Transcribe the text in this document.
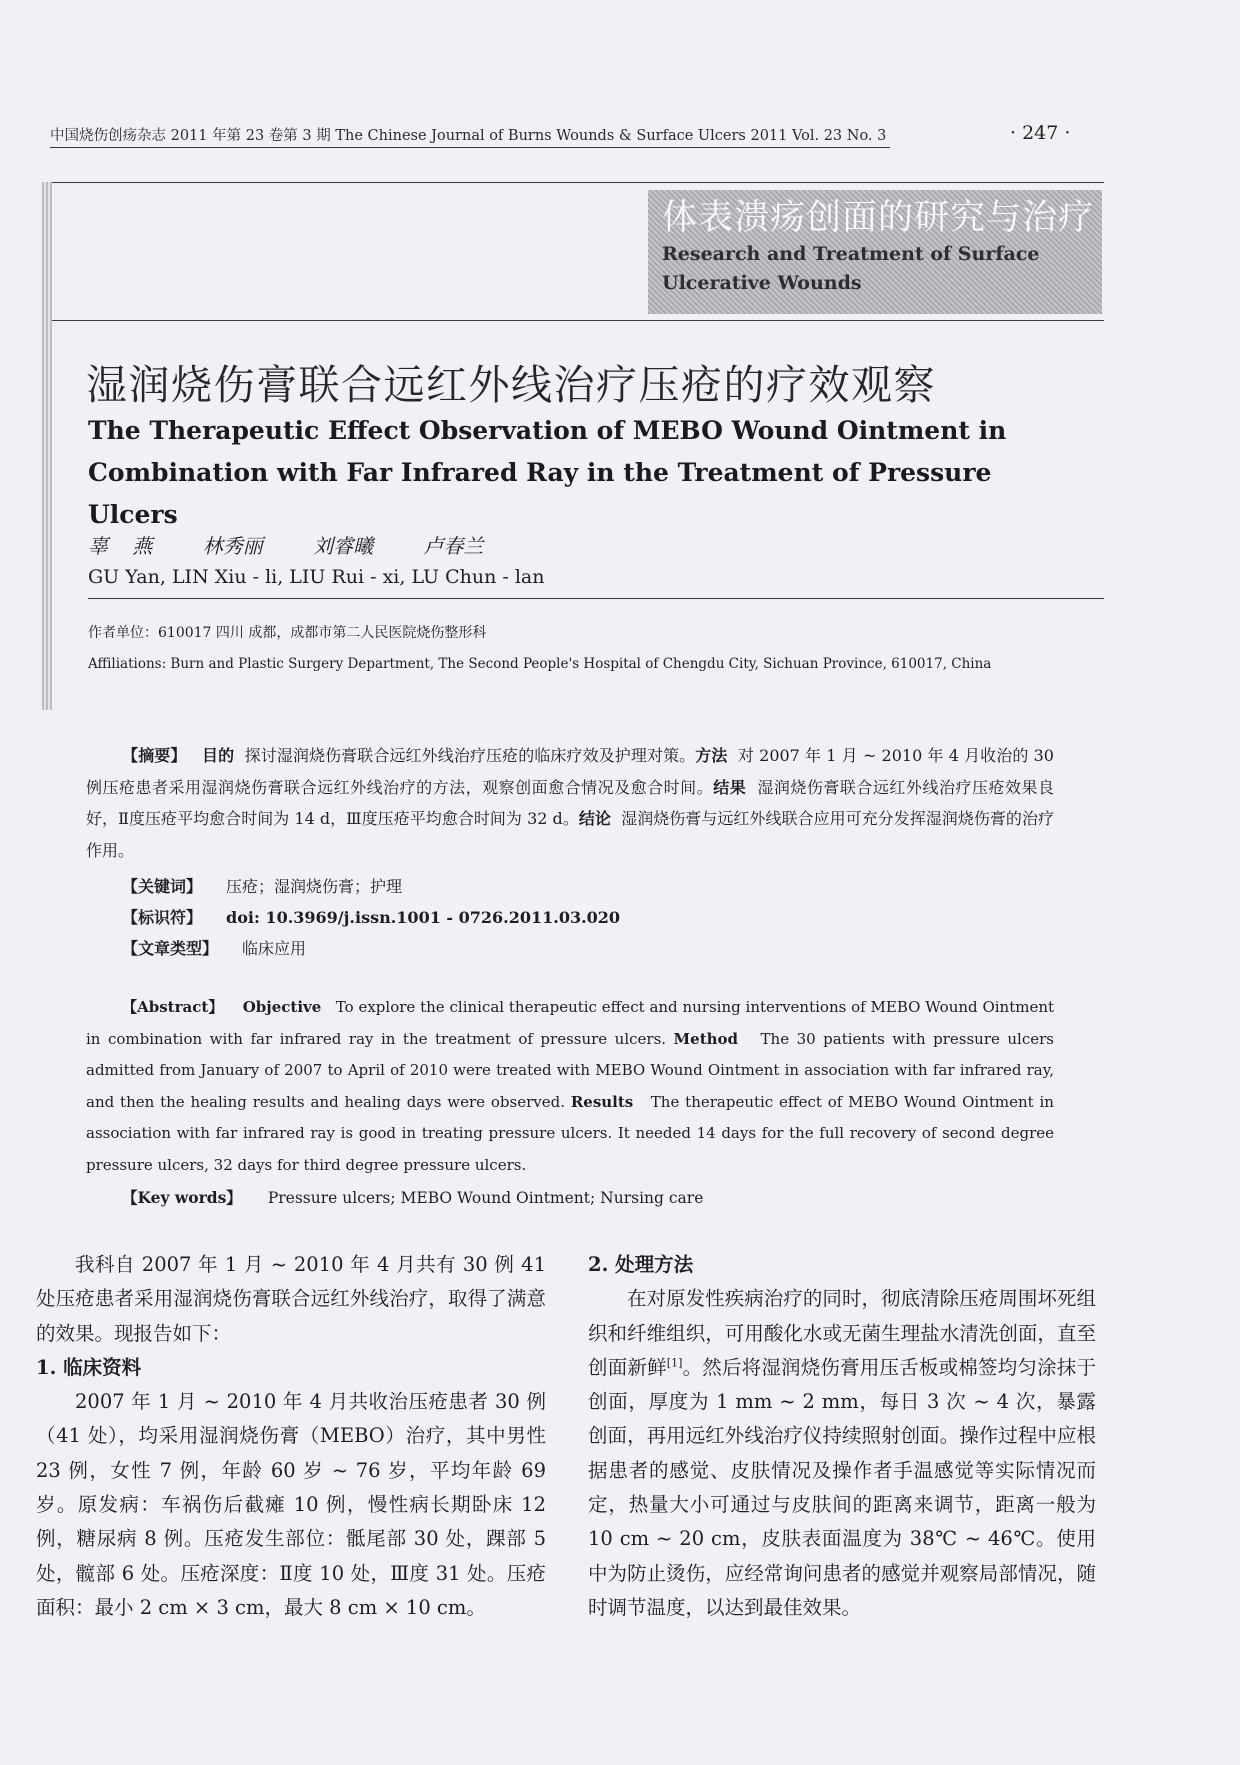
中国烧伤创疡杂志 2011 年第 23 卷第 3 期 The Chinese Journal of Burns Wounds & Surface Ulcers 2011 Vol. 23 No. 3	· 247 ·
体表溃疡创面的研究与治疗
Research and Treatment of Surface Ulcerative Wounds
湿润烧伤膏联合远红外线治疗压疮的疗效观察
The Therapeutic Effect Observation of MEBO Wound Ointment in Combination with Far Infrared Ray in the Treatment of Pressure Ulcers
辜 燕	林秀丽	刘睿曦	卢春兰
GU Yan, LIN Xiu - li, LIU Rui - xi, LU Chun - lan
作者单位：610017 四川 成都，成都市第二人民医院烧伤整形科
Affiliations: Burn and Plastic Surgery Department, The Second People's Hospital of Chengdu City, Sichuan Province, 610017, China
【摘要】 目的 探讨湿润烧伤膏联合远红外线治疗压疮的临床疗效及护理对策。方法 对 2007 年 1 月 ~ 2010 年 4 月收治的 30 例压疮患者采用湿润烧伤膏联合远红外线治疗的方法，观察创面愈合情况及愈合时间。结果 湿润烧伤膏联合远红外线治疗压疮效果良好，Ⅱ度压疮平均愈合时间为 14 d，Ⅲ度压疮平均愈合时间为 32 d。结论 湿润烧伤膏与远红外线联合应用可充分发挥湿润烧伤膏的治疗作用。
【关键词】 压疮；湿润烧伤膏；护理
【标识符】 doi: 10.3969/j.issn.1001 - 0726.2011.03.020
【文章类型】 临床应用
【Abstract】 Objective To explore the clinical therapeutic effect and nursing interventions of MEBO Wound Ointment in combination with far infrared ray in the treatment of pressure ulcers. Method The 30 patients with pressure ulcers admitted from January of 2007 to April of 2010 were treated with MEBO Wound Ointment in association with far infrared ray, and then the healing results and healing days were observed. Results The therapeutic effect of MEBO Wound Ointment in association with far infrared ray is good in treating pressure ulcers. It needed 14 days for the full recovery of second degree pressure ulcers, 32 days for third degree pressure ulcers.
【Key words】 Pressure ulcers; MEBO Wound Ointment; Nursing care

我科自 2007 年 1 月 ~ 2010 年 4 月共有 30 例 41 处压疮患者采用湿润烧伤膏联合远红外线治疗，取得了满意的效果。现报告如下：

1. 临床资料

2007 年 1 月 ~ 2010 年 4 月共收治压疮患者 30 例（41 处），均采用湿润烧伤膏（MEBO）治疗，其中男性 23 例，女性 7 例，年龄 60 岁 ~ 76 岁，平均年龄 69 岁。原发病：车祸伤后截瘫 10 例，慢性病长期卧床 12 例，糖尿病 8 例。压疮发生部位：骶尾部 30 处，踝部 5 处，髋部 6 处。压疮深度：Ⅱ度 10 处，Ⅲ度 31 处。压疮面积：最小 2 cm × 3 cm，最大 8 cm × 10 cm。

2. 处理方法

在对原发性疾病治疗的同时，彻底清除压疮周围坏死组织和纤维组织，可用酸化水或无菌生理盐水清洗创面，直至创面新鲜[1]。然后将湿润烧伤膏用压舌板或棉签均匀涂抹于创面，厚度为 1 mm ~ 2 mm，每日 3 次 ~ 4 次，暴露创面，再用远红外线治疗仪持续照射创面。操作过程中应根据患者的感觉、皮肤情况及操作者手温感觉等实际情况而定，热量大小可通过与皮肤间的距离来调节，距离一般为 10 cm ~ 20 cm，皮肤表面温度为 38℃ ~ 46℃。使用中为防止烫伤，应经常询问患者的感觉并观察局部情况，随时调节温度，以达到最佳效果。
